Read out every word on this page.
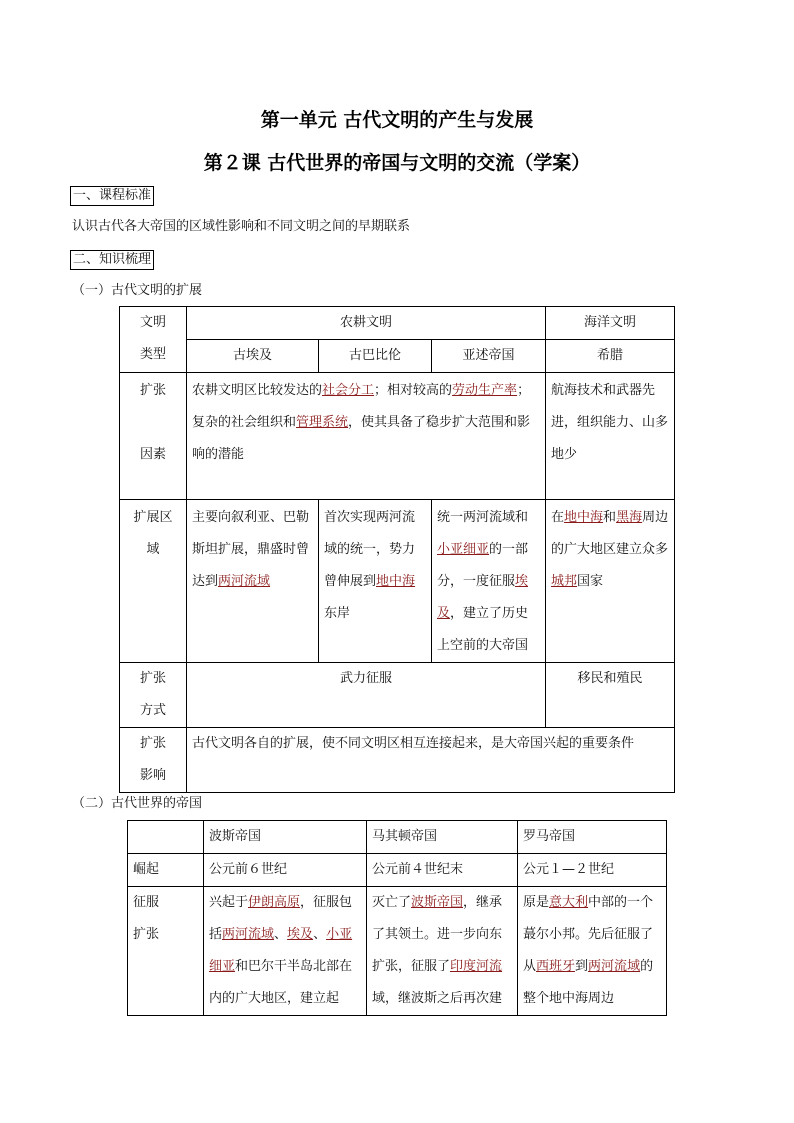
第一单元 古代文明的产生与发展
第２课 古代世界的帝国与文明的交流（学案）
一、课程标准
认识古代各大帝国的区域性影响和不同文明之间的早期联系
二、知识梳理
（一）古代文明的扩展
文明
类型	农耕文明			海洋文明
	古埃及	古巴比伦	亚述帝国	希腊

扩张
因素	农耕文明区比较发达的社会分工；相对较高的劳动生产率；复杂的社会组织和管理系统，使其具备了稳步扩大范围和影响的潜能			航海技术和武器先进，组织能力、山多地少

扩展区
域	主要向叙利亚、巴勒斯坦扩展，鼎盛时曾达到两河流域	首次实现两河流域的统一，势力曾伸展到地中海东岸	统一两河流域和小亚细亚的一部分，一度征服埃及，建立了历史上空前的大帝国	在地中海和黑海周边的广大地区建立众多城邦国家

扩张
方式	武力征服			移民和殖民

扩张
影响	古代文明各自的扩展，使不同文明区相互连接起来，是大帝国兴起的重要条件			
（二）古代世界的帝国
	波斯帝国	马其顿帝国	罗马帝国
崛起	公元前６世纪	公元前４世纪末	公元１—２世纪

征服
扩张	兴起于伊朗高原，征服包括两河流域、埃及、小亚细亚和巴尔干半岛北部在内的广大地区，建立起	灭亡了波斯帝国，继承了其领土。进一步向东扩张，征服了印度河流域，继波斯之后再次建	原是意大利中部的一个蕞尔小邦。先后征服了从西班牙到两河流域的整个地中海周边
